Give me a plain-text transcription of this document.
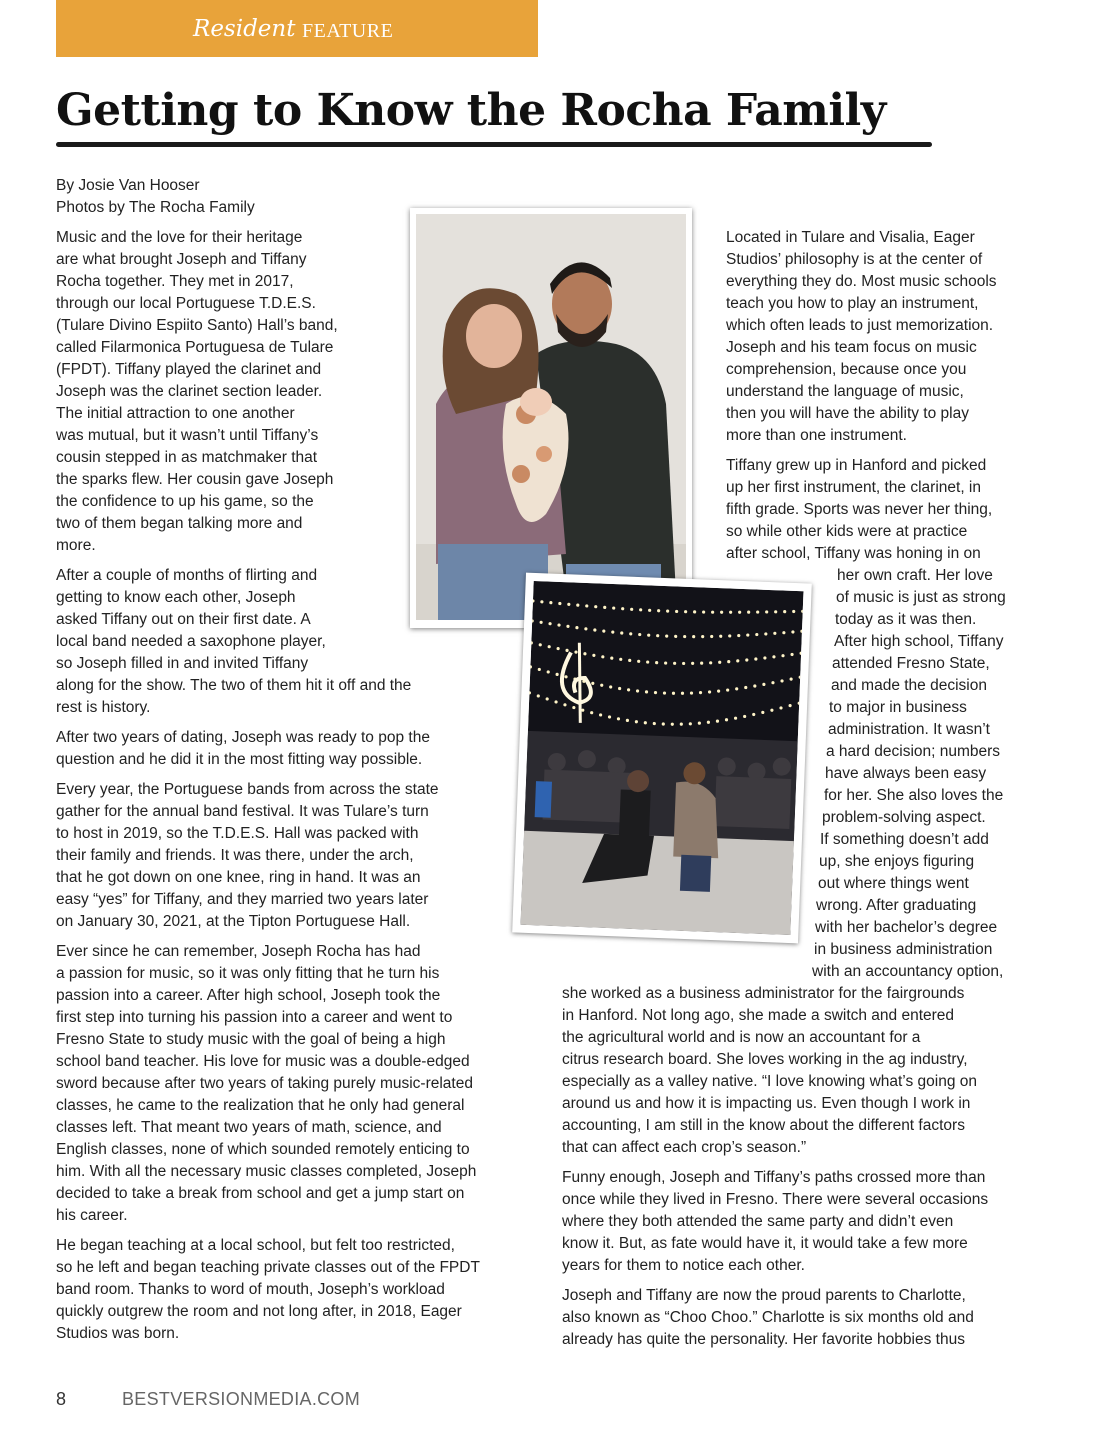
Resident FEATURE
Getting to Know the Rocha Family
By Josie Van Hooser
Photos by The Rocha Family

Music and the love for their heritage
are what brought Joseph and Tiffany
Rocha together. They met in 2017,
through our local Portuguese T.D.E.S.
(Tulare Divino Espiito Santo) Hall’s band,
called Filarmonica Portuguesa de Tulare
(FPDT). Tiffany played the clarinet and
Joseph was the clarinet section leader.
The initial attraction to one another
was mutual, but it wasn’t until Tiffany’s
cousin stepped in as matchmaker that
the sparks flew. Her cousin gave Joseph
the confidence to up his game, so the
two of them began talking more and
more.

After a couple of months of flirting and
getting to know each other, Joseph
asked Tiffany out on their first date. A
local band needed a saxophone player,
so Joseph filled in and invited Tiffany
along for the show. The two of them hit it off and the
rest is history.

After two years of dating, Joseph was ready to pop the
question and he did it in the most fitting way possible.

Every year, the Portuguese bands from across the state
gather for the annual band festival. It was Tulare’s turn
to host in 2019, so the T.D.E.S. Hall was packed with
their family and friends. It was there, under the arch,
that he got down on one knee, ring in hand. It was an
easy “yes” for Tiffany, and they married two years later
on January 30, 2021, at the Tipton Portuguese Hall.

Ever since he can remember, Joseph Rocha has had
a passion for music, so it was only fitting that he turn his
passion into a career. After high school, Joseph took the
first step into turning his passion into a career and went to
Fresno State to study music with the goal of being a high
school band teacher. His love for music was a double-edged
sword because after two years of taking purely music-related
classes, he came to the realization that he only had general
classes left. That meant two years of math, science, and
English classes, none of which sounded remotely enticing to
him. With all the necessary music classes completed, Joseph
decided to take a break from school and get a jump start on
his career.

He began teaching at a local school, but felt too restricted,
so he left and began teaching private classes out of the FPDT
band room. Thanks to word of mouth, Joseph’s workload
quickly outgrew the room and not long after, in 2018, Eager
Studios was born.

Located in Tulare and Visalia, Eager
Studios’ philosophy is at the center of
everything they do. Most music schools
teach you how to play an instrument,
which often leads to just memorization.
Joseph and his team focus on music
comprehension, because once you
understand the language of music,
then you will have the ability to play
more than one instrument.

Tiffany grew up in Hanford and picked
up her first instrument, the clarinet, in
fifth grade. Sports was never her thing,
so while other kids were at practice
after school, Tiffany was honing in on
her own craft. Her love
of music is just as strong
today as it was then.
After high school, Tiffany
attended Fresno State,
and made the decision
to major in business
administration. It wasn’t
a hard decision; numbers
have always been easy
for her. She also loves the
problem-solving aspect.
If something doesn’t add
up, she enjoys figuring
out where things went
wrong. After graduating
with her bachelor’s degree
in business administration
with an accountancy option,
she worked as a business administrator for the fairgrounds
in Hanford. Not long ago, she made a switch and entered
the agricultural world and is now an accountant for a
citrus research board. She loves working in the ag industry,
especially as a valley native. “I love knowing what’s going on
around us and how it is impacting us. Even though I work in
accounting, I am still in the know about the different factors
that can affect each crop’s season.”

Funny enough, Joseph and Tiffany’s paths crossed more than
once while they lived in Fresno. There were several occasions
where they both attended the same party and didn’t even
know it. But, as fate would have it, it would take a few more
years for them to notice each other.

Joseph and Tiffany are now the proud parents to Charlotte,
also known as “Choo Choo.” Charlotte is six months old and
already has quite the personality. Her favorite hobbies thus

8	BESTVERSIONMEDIA.COM
